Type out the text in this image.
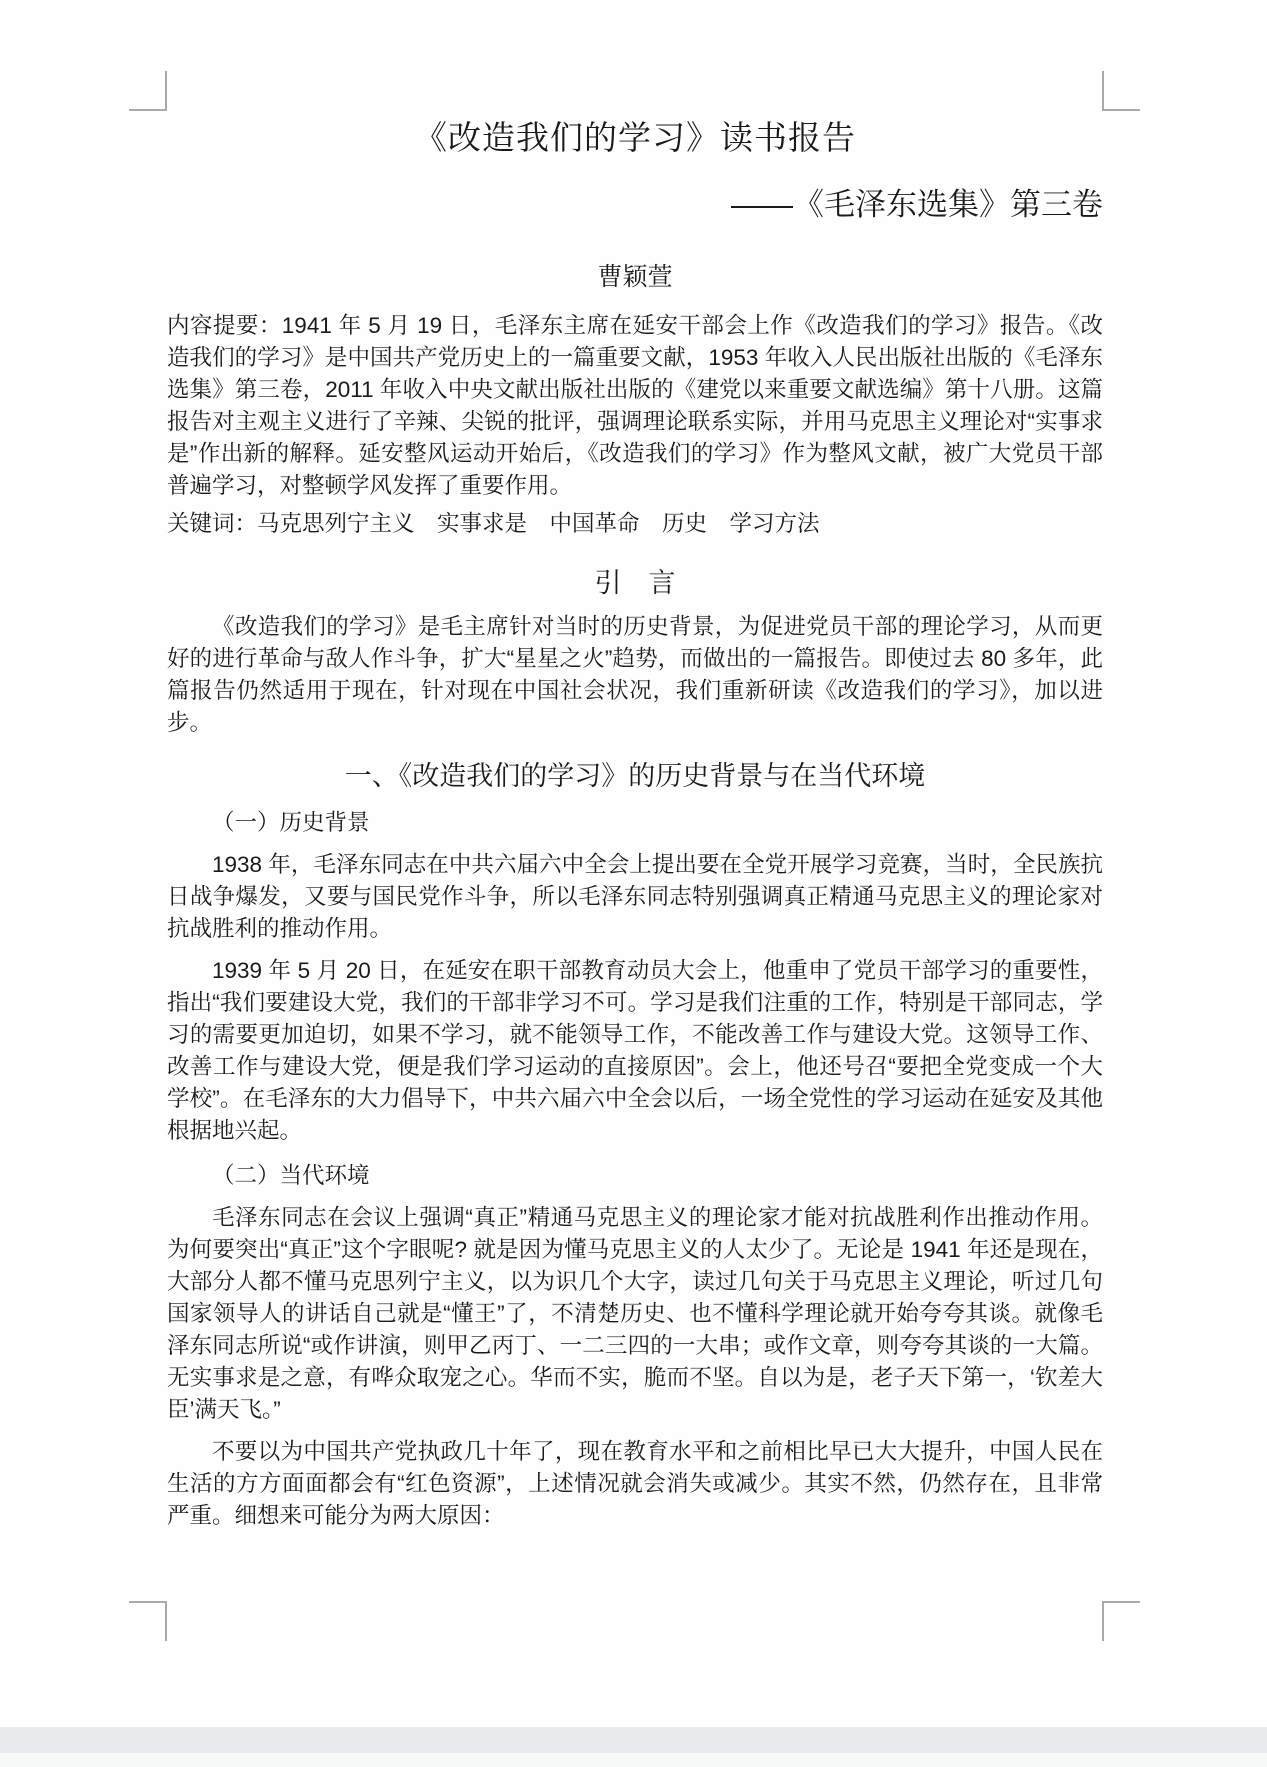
《改造我们的学习》读书报告

——《毛泽东选集》第三卷

曹颖萱

内容提要：1941 年 5 月 19 日，毛泽东主席在延安干部会上作《改造我们的学习》报告。《改造我们的学习》是中国共产党历史上的一篇重要文献，1953 年收入人民出版社出版的《毛泽东选集》第三卷，2011 年收入中央文献出版社出版的《建党以来重要文献选编》第十八册。这篇报告对主观主义进行了辛辣、尖锐的批评，强调理论联系实际，并用马克思主义理论对“实事求是”作出新的解释。延安整风运动开始后，《改造我们的学习》作为整风文献，被广大党员干部普遍学习，对整顿学风发挥了重要作用。

关键词：马克思列宁主义　实事求是　中国革命　历史　学习方法

引　言

《改造我们的学习》是毛主席针对当时的历史背景，为促进党员干部的理论学习，从而更好的进行革命与敌人作斗争，扩大“星星之火”趋势，而做出的一篇报告。即使过去 80 多年，此篇报告仍然适用于现在，针对现在中国社会状况，我们重新研读《改造我们的学习》，加以进步。

一、《改造我们的学习》的历史背景与在当代环境
（一）历史背景

1938 年，毛泽东同志在中共六届六中全会上提出要在全党开展学习竞赛，当时，全民族抗日战争爆发，又要与国民党作斗争，所以毛泽东同志特别强调真正精通马克思主义的理论家对抗战胜利的推动作用。

1939 年 5 月 20 日，在延安在职干部教育动员大会上，他重申了党员干部学习的重要性，指出“我们要建设大党，我们的干部非学习不可。学习是我们注重的工作，特别是干部同志，学习的需要更加迫切，如果不学习，就不能领导工作，不能改善工作与建设大党。这领导工作、改善工作与建设大党，便是我们学习运动的直接原因”。会上，他还号召“要把全党变成一个大学校”。在毛泽东的大力倡导下，中共六届六中全会以后，一场全党性的学习运动在延安及其他根据地兴起。

（二）当代环境

毛泽东同志在会议上强调“真正”精通马克思主义的理论家才能对抗战胜利作出推动作用。为何要突出“真正”这个字眼呢? 就是因为懂马克思主义的人太少了。无论是 1941 年还是现在，大部分人都不懂马克思列宁主义，以为识几个大字，读过几句关于马克思主义理论，听过几句国家领导人的讲话自己就是“懂王”了，不清楚历史、也不懂科学理论就开始夸夸其谈。就像毛泽东同志所说“或作讲演，则甲乙丙丁、一二三四的一大串；或作文章，则夸夸其谈的一大篇。无实事求是之意，有哗众取宠之心。华而不实，脆而不坚。自以为是，老子天下第一，‘钦差大臣’满天飞。”

不要以为中国共产党执政几十年了，现在教育水平和之前相比早已大大提升，中国人民在生活的方方面面都会有“红色资源”，上述情况就会消失或减少。其实不然，仍然存在，且非常严重。细想来可能分为两大原因：
